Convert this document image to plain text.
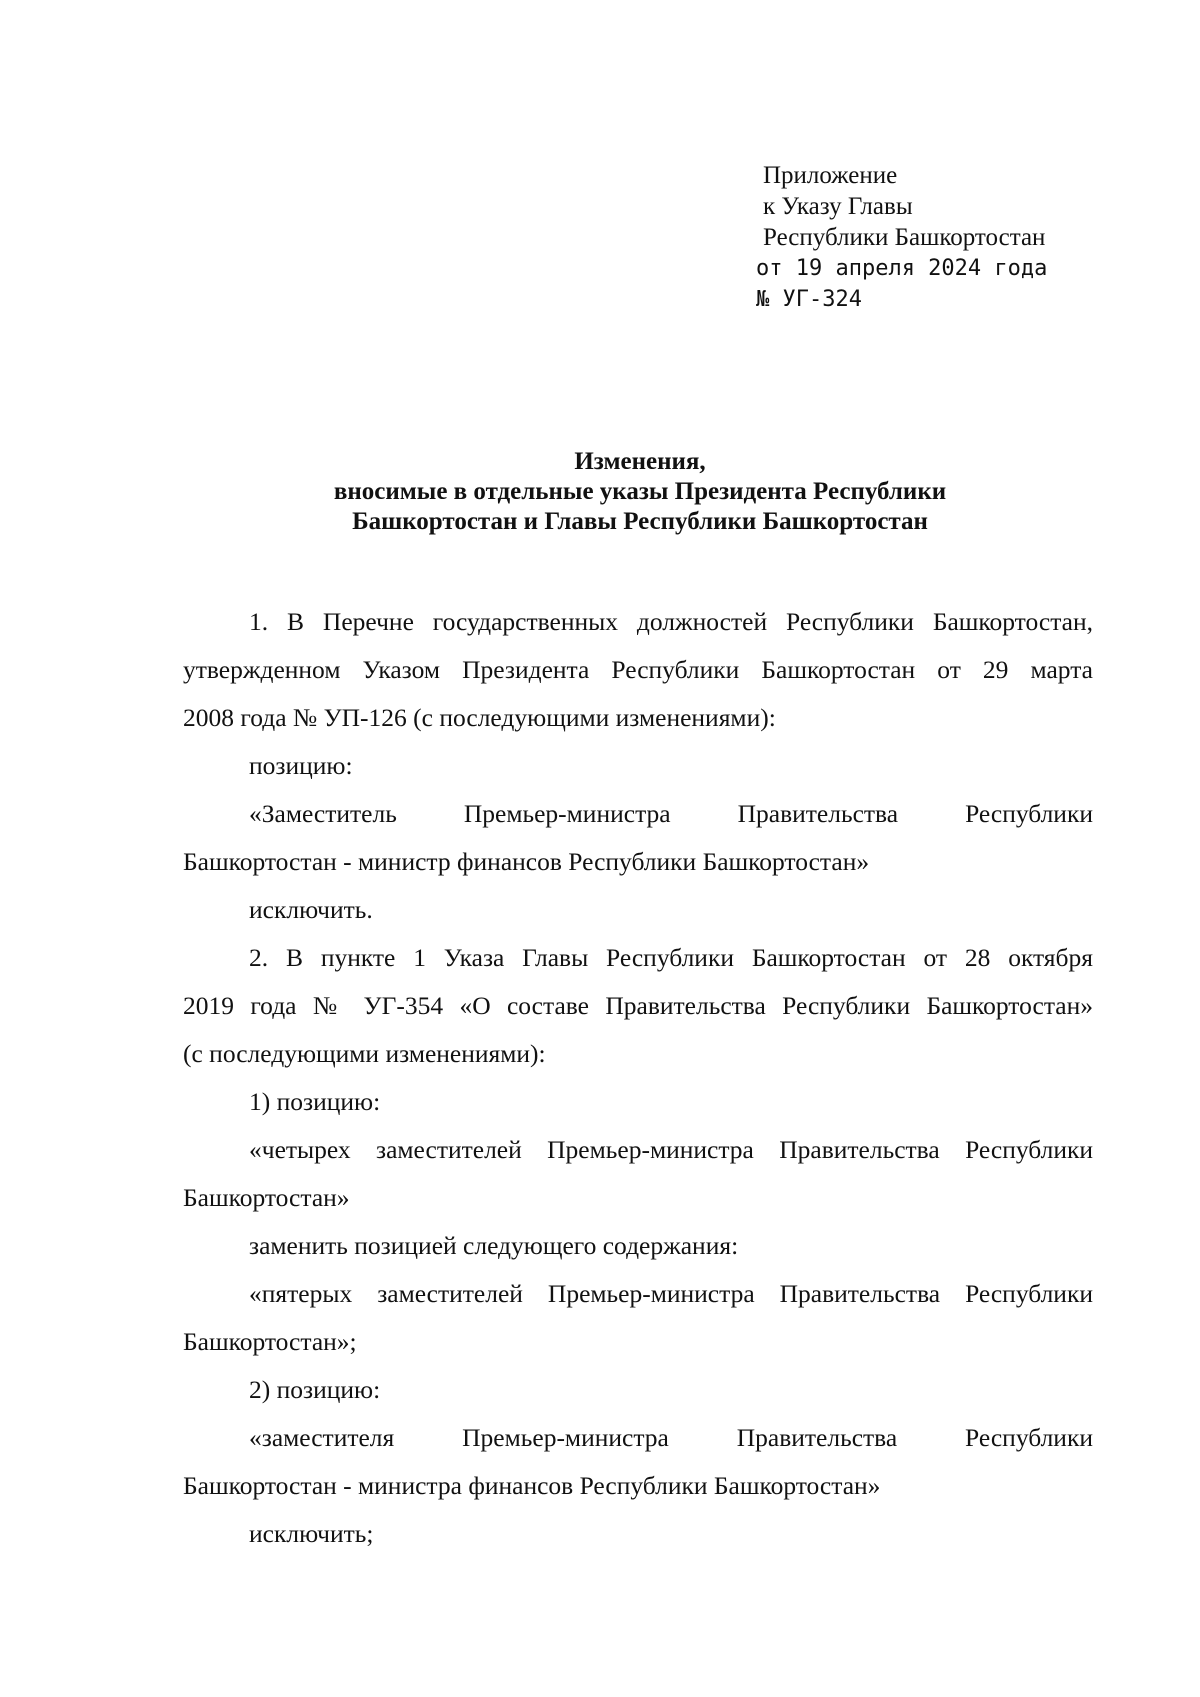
Приложение
к Указу Главы
Республики Башкортостан
от 19 апреля 2024 года
№ УГ-324
Изменения,
вносимые в отдельные указы Президента Республики
Башкортостан и Главы Республики Башкортостан
1. В Перечне государственных должностей Республики Башкортостан,
утвержденном Указом Президента Республики Башкортостан от 29 марта
2008 года № УП-126 (с последующими изменениями):
позицию:
«Заместитель Премьер-министра Правительства Республики
Башкортостан - министр финансов Республики Башкортостан»
исключить.
2. В пункте 1 Указа Главы Республики Башкортостан от 28 октября
2019 года № УГ-354 «О составе Правительства Республики Башкортостан»
(с последующими изменениями):
1) позицию:
«четырех заместителей Премьер-министра Правительства Республики
Башкортостан»
заменить позицией следующего содержания:
«пятерых заместителей Премьер-министра Правительства Республики
Башкортостан»;
2) позицию:
«заместителя Премьер-министра Правительства Республики
Башкортостан - министра финансов Республики Башкортостан»
исключить;
